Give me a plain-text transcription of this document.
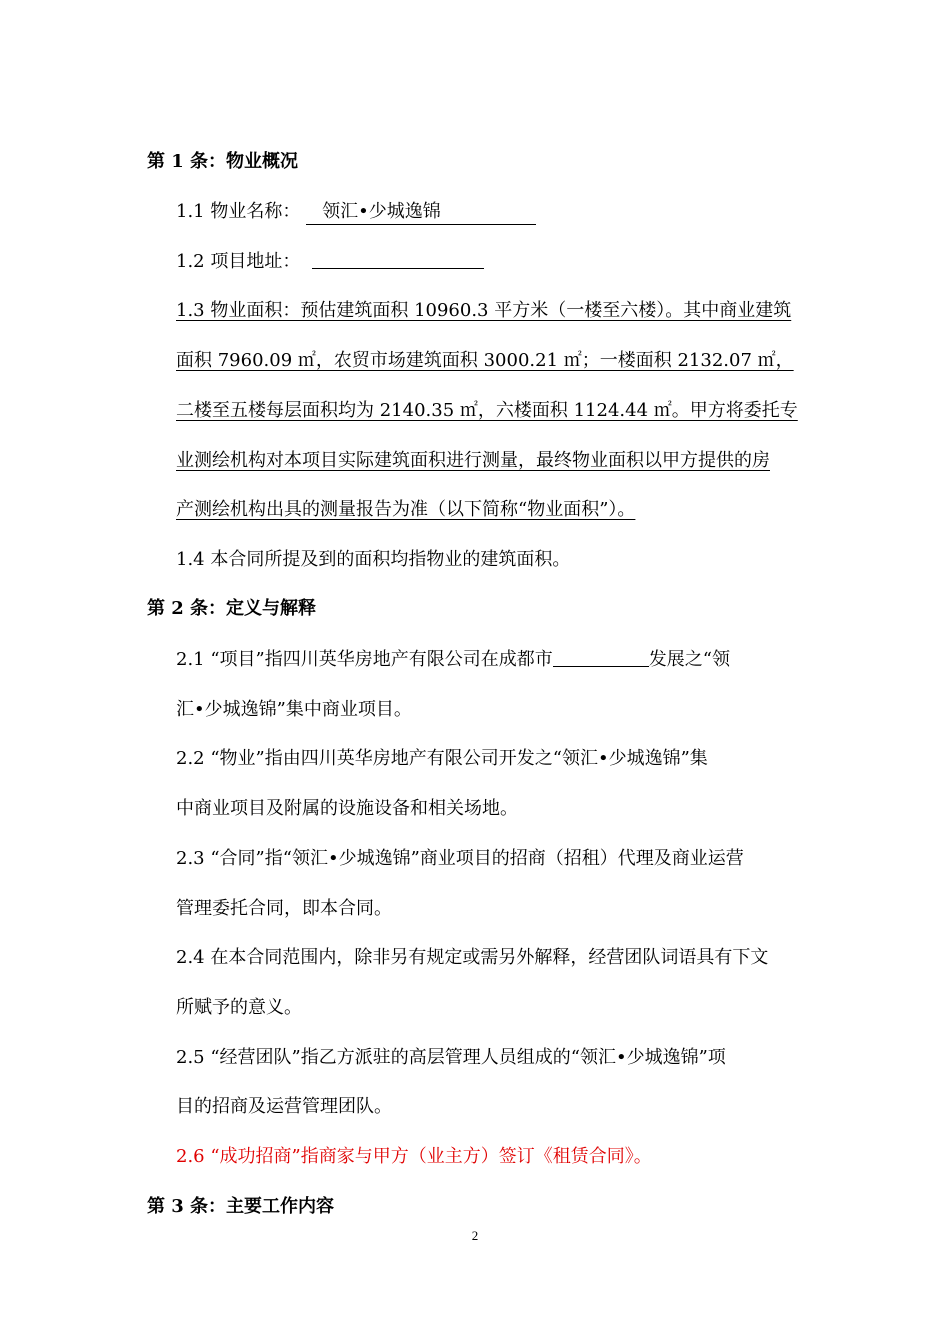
第 1 条：物业概况
1.1 物业名称： 领汇•少城逸锦
1.2 项目地址：
1.3 物业面积：预估建筑面积 10960.3 平方米（一楼至六楼）。其中商业建筑
面积 7960.09 ㎡，农贸市场建筑面积 3000.21 ㎡；一楼面积 2132.07 ㎡，
二楼至五楼每层面积均为 2140.35 ㎡，六楼面积 1124.44 ㎡。甲方将委托专
业测绘机构对本项目实际建筑面积进行测量，最终物业面积以甲方提供的房
产测绘机构出具的测量报告为准（以下简称“物业面积”）。
1.4 本合同所提及到的面积均指物业的建筑面积。
第 2 条：定义与解释
2.1 “项目”指四川英华房地产有限公司在成都市	发展之“领
汇•少城逸锦”集中商业项目。
2.2 “物业”指由四川英华房地产有限公司开发之“领汇•少城逸锦”集
中商业项目及附属的设施设备和相关场地。
2.3 “合同”指“领汇•少城逸锦”商业项目的招商（招租）代理及商业运营
管理委托合同，即本合同。
2.4 在本合同范围内，除非另有规定或需另外解释，经营团队词语具有下文
所赋予的意义。
2.5 “经营团队”指乙方派驻的高层管理人员组成的“领汇•少城逸锦”项
目的招商及运营管理团队。
2.6 “成功招商”指商家与甲方（业主方）签订《租赁合同》。
第 3 条：主要工作内容
2
